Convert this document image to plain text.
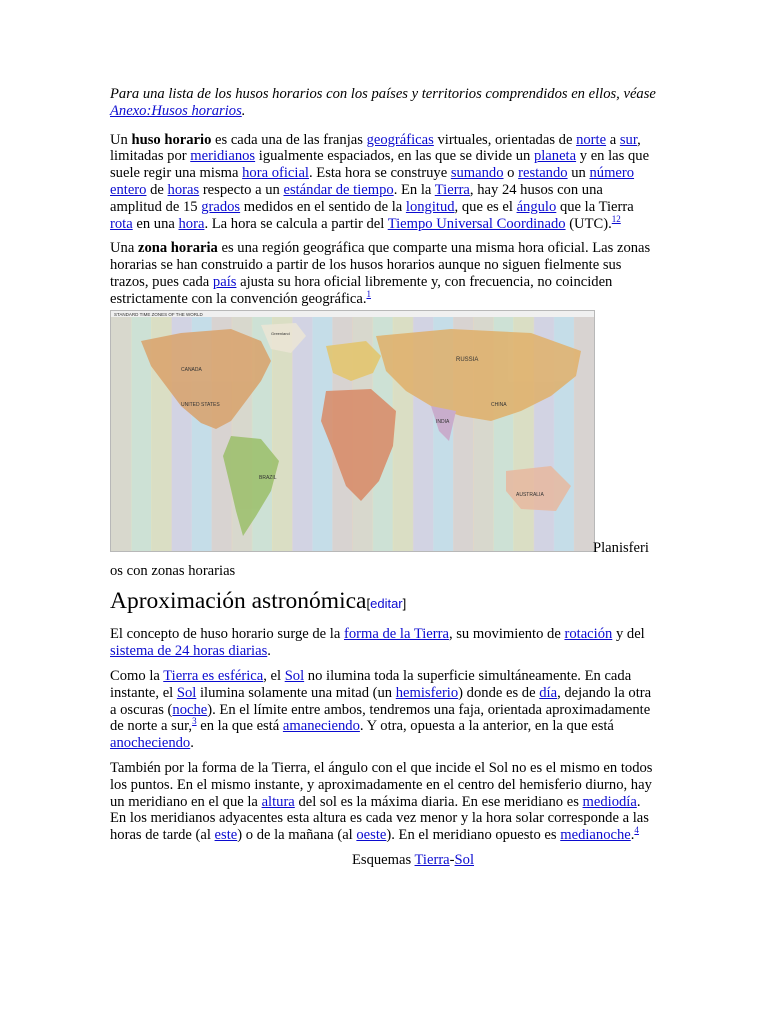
Para una lista de los husos horarios con los países y territorios comprendidos en ellos, véase Anexo:Husos horarios.

Un huso horario es cada una de las franjas geográficas virtuales, orientadas de norte a sur, limitadas por meridianos igualmente espaciados, en las que se divide un planeta y en las que suele regir una misma hora oficial. Esta hora se construye sumando o restando un número entero de horas respecto a un estándar de tiempo. En la Tierra, hay 24 husos con una amplitud de 15 grados medidos en el sentido de la longitud, que es el ángulo que la Tierra rota en una hora. La hora se calcula a partir del Tiempo Universal Coordinado (UTC).$^{12}$

Una zona horaria es una región geográfica que comparte una misma hora oficial. Las zonas horarias se han construido a partir de los husos horarios aunque no siguen fielmente sus trazos, pues cada país ajusta su hora oficial libremente y, con frecuencia, no coinciden estrictamente con la convención geográfica.$^1$

STANDARD TIME ZONES OF THE WORLD
CANADA
UNITED STATES
BRAZIL
RUSSIA
CHINA
AUSTRALIA
INDIA
Greenland
Planisferi

os con zonas horarias

Aproximación astronómica[editar]

El concepto de huso horario surge de la forma de la Tierra, su movimiento de rotación y del sistema de 24 horas diarias.

Como la Tierra es esférica, el Sol no ilumina toda la superficie simultáneamente. En cada instante, el Sol ilumina solamente una mitad (un hemisferio) donde es de día, dejando la otra a oscuras (noche). En el límite entre ambos, tendremos una faja, orientada aproximadamente de norte a sur,$^3$ en la que está amaneciendo. Y otra, opuesta a la anterior, en la que está anocheciendo.

También por la forma de la Tierra, el ángulo con el que incide el Sol no es el mismo en todos los puntos. En el mismo instante, y aproximadamente en el centro del hemisferio diurno, hay un meridiano en el que la altura del sol es la máxima diaria. En ese meridiano es mediodía. En los meridianos adyacentes esta altura es cada vez menor y la hora solar corresponde a las horas de tarde (al este) o de la mañana (al oeste). En el meridiano opuesto es medianoche.$^4$

Esquemas Tierra-Sol
